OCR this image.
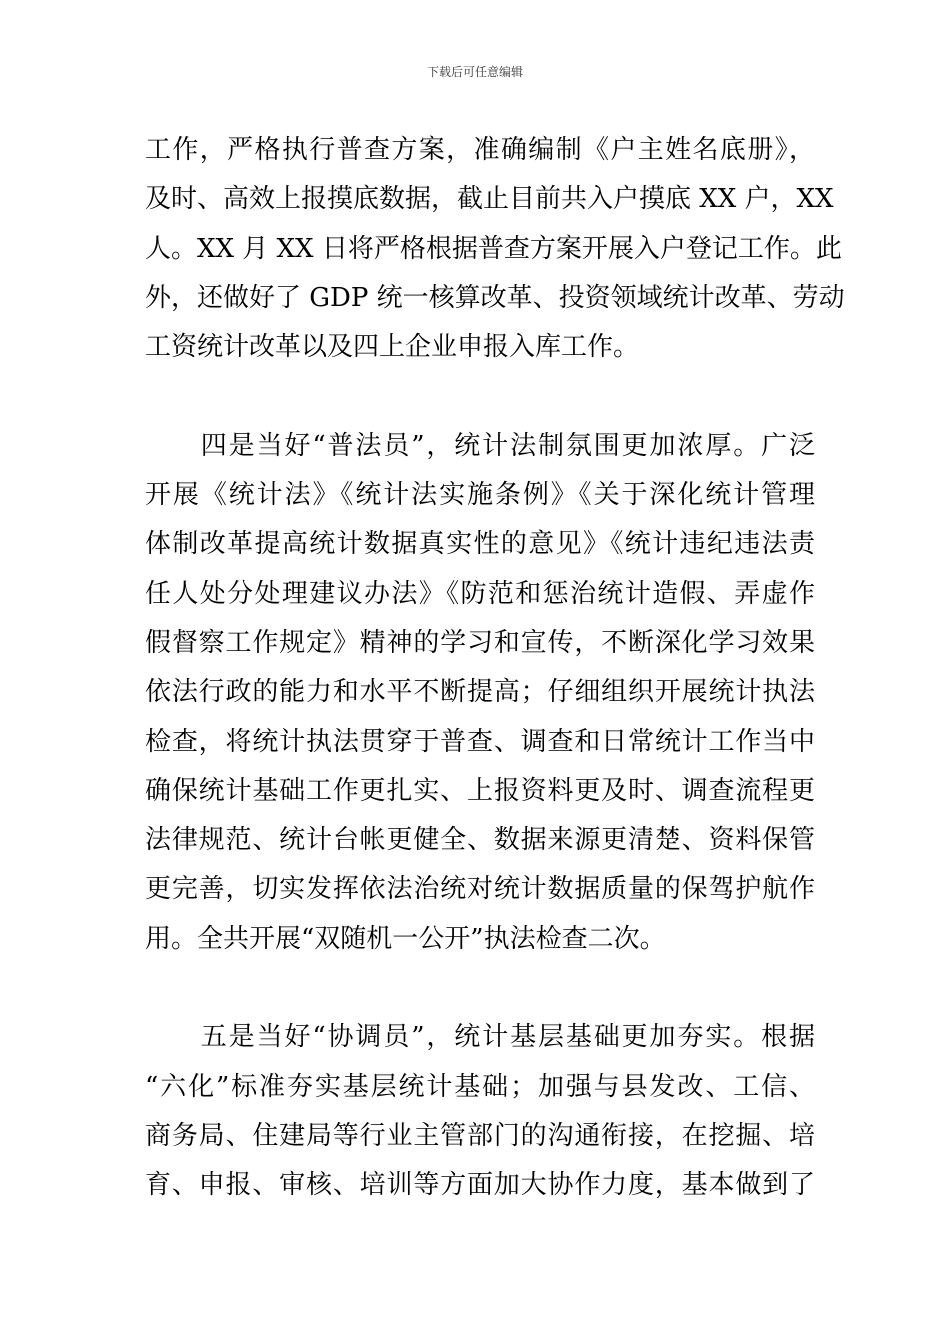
下载后可任意编辑
工作，严格执行普查方案，准确编制《户主姓名底册》，
及时、高效上报摸底数据，截止目前共入户摸底 XX 户，XX
人。XX 月 XX 日将严格根据普查方案开展入户登记工作。此
外，还做好了 GDP 统一核算改革、投资领域统计改革、劳动
工资统计改革以及四上企业申报入库工作。
　　四是当好“普法员”，统计法制氛围更加浓厚。广泛
开展《统计法》《统计法实施条例》《关于深化统计管理
体制改革提高统计数据真实性的意见》《统计违纪违法责
任人处分处理建议办法》《防范和惩治统计造假、弄虚作
假督察工作规定》精神的学习和宣传，不断深化学习效果
依法行政的能力和水平不断提高；仔细组织开展统计执法
检查，将统计执法贯穿于普查、调查和日常统计工作当中
确保统计基础工作更扎实、上报资料更及时、调查流程更
法律规范、统计台帐更健全、数据来源更清楚、资料保管
更完善，切实发挥依法治统对统计数据质量的保驾护航作
用。全共开展“双随机一公开”执法检查二次。
　　五是当好“协调员”，统计基层基础更加夯实。根据
“六化”标准夯实基层统计基础；加强与县发改、工信、
商务局、住建局等行业主管部门的沟通衔接，在挖掘、培
育、申报、审核、培训等方面加大协作力度，基本做到了
